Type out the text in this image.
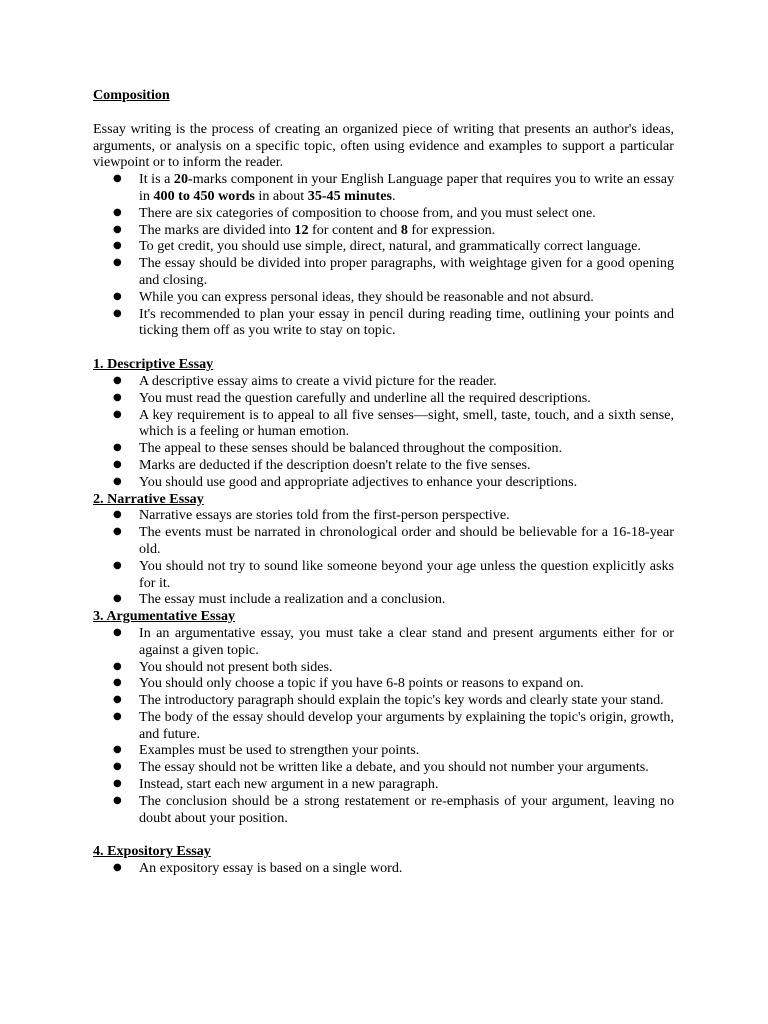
Composition

Essay writing is the process of creating an organized piece of writing that presents an author's ideas, arguments, or analysis on a specific topic, often using evidence and examples to support a particular viewpoint or to inform the reader.

● It is a 20-marks component in your English Language paper that requires you to write an essay in 400 to 450 words in about 35-45 minutes.
● There are six categories of composition to choose from, and you must select one.
● The marks are divided into 12 for content and 8 for expression.
● To get credit, you should use simple, direct, natural, and grammatically correct language.
● The essay should be divided into proper paragraphs, with weightage given for a good opening and closing.
● While you can express personal ideas, they should be reasonable and not absurd.
● It's recommended to plan your essay in pencil during reading time, outlining your points and ticking them off as you write to stay on topic.

1. Descriptive Essay

● A descriptive essay aims to create a vivid picture for the reader.
● You must read the question carefully and underline all the required descriptions.
● A key requirement is to appeal to all five senses—sight, smell, taste, touch, and a sixth sense, which is a feeling or human emotion.
● The appeal to these senses should be balanced throughout the composition.
● Marks are deducted if the description doesn't relate to the five senses.
● You should use good and appropriate adjectives to enhance your descriptions.

2. Narrative Essay

● Narrative essays are stories told from the first-person perspective.
● The events must be narrated in chronological order and should be believable for a 16-18-year old.
● You should not try to sound like someone beyond your age unless the question explicitly asks for it.
● The essay must include a realization and a conclusion.

3. Argumentative Essay

● In an argumentative essay, you must take a clear stand and present arguments either for or against a given topic.
● You should not present both sides.
● You should only choose a topic if you have 6-8 points or reasons to expand on.
● The introductory paragraph should explain the topic's key words and clearly state your stand.
● The body of the essay should develop your arguments by explaining the topic's origin, growth, and future.
● Examples must be used to strengthen your points.
● The essay should not be written like a debate, and you should not number your arguments.
● Instead, start each new argument in a new paragraph.
● The conclusion should be a strong restatement or re-emphasis of your argument, leaving no doubt about your position.

4. Expository Essay

● An expository essay is based on a single word.
